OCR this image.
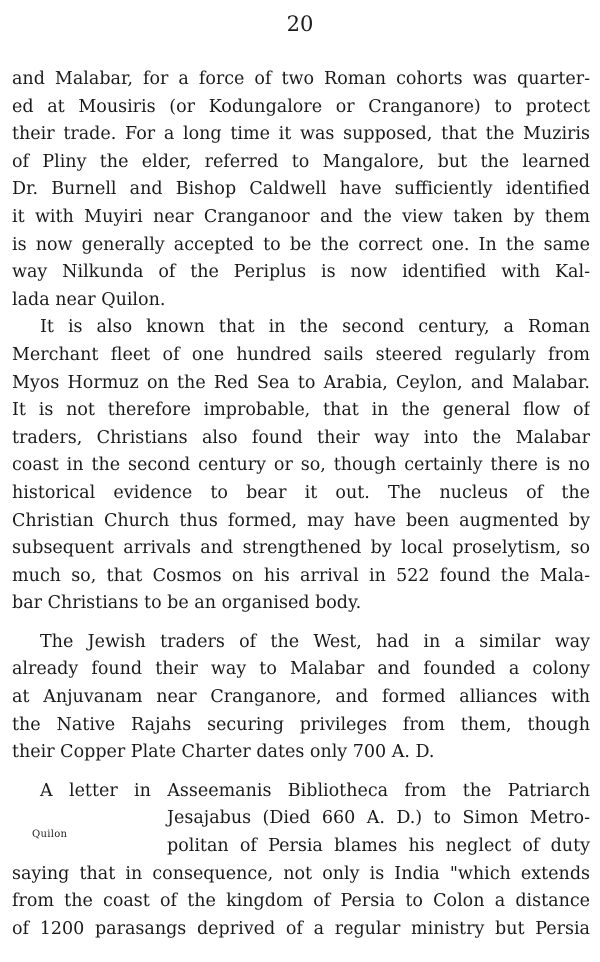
20
and Malabar, for a force of two Roman cohorts was quarter-
ed at Mousiris (or Kodungalore or Cranganore) to protect
their trade. For a long time it was supposed, that the Muziris
of Pliny the elder, referred to Mangalore, but the learned
Dr. Burnell and Bishop Caldwell have sufficiently identified
it with Muyiri near Cranganoor and the view taken by them
is now generally accepted to be the correct one. In the same
way Nilkunda of the Periplus is now identified with Kal-
lada near Quilon.
It is also known that in the second century, a Roman
Merchant fleet of one hundred sails steered regularly from
Myos Hormuz on the Red Sea to Arabia, Ceylon, and Malabar.
It is not therefore improbable, that in the general flow of
traders, Christians also found their way into the Malabar
coast in the second century or so, though certainly there is no
historical evidence to bear it out. The nucleus of the
Christian Church thus formed, may have been augmented by
subsequent arrivals and strengthened by local proselytism, so
much so, that Cosmos on his arrival in 522 found the Mala-
bar Christians to be an organised body.
The Jewish traders of the West, had in a similar way
already found their way to Malabar and founded a colony
at Anjuvanam near Cranganore, and formed alliances with
the Native Rajahs securing privileges from them, though
their Copper Plate Charter dates only 700 A. D.
A letter in Asseemanis Bibliotheca from the Patriarch
Jesajabus (Died 660 A. D.) to Simon Metro-
politan of Persia blames his neglect of duty
saying that in consequence, not only is India "which extends
from the coast of the kingdom of Persia to Colon a distance
of 1200 parasangs deprived of a regular ministry but Persia
Quilon
